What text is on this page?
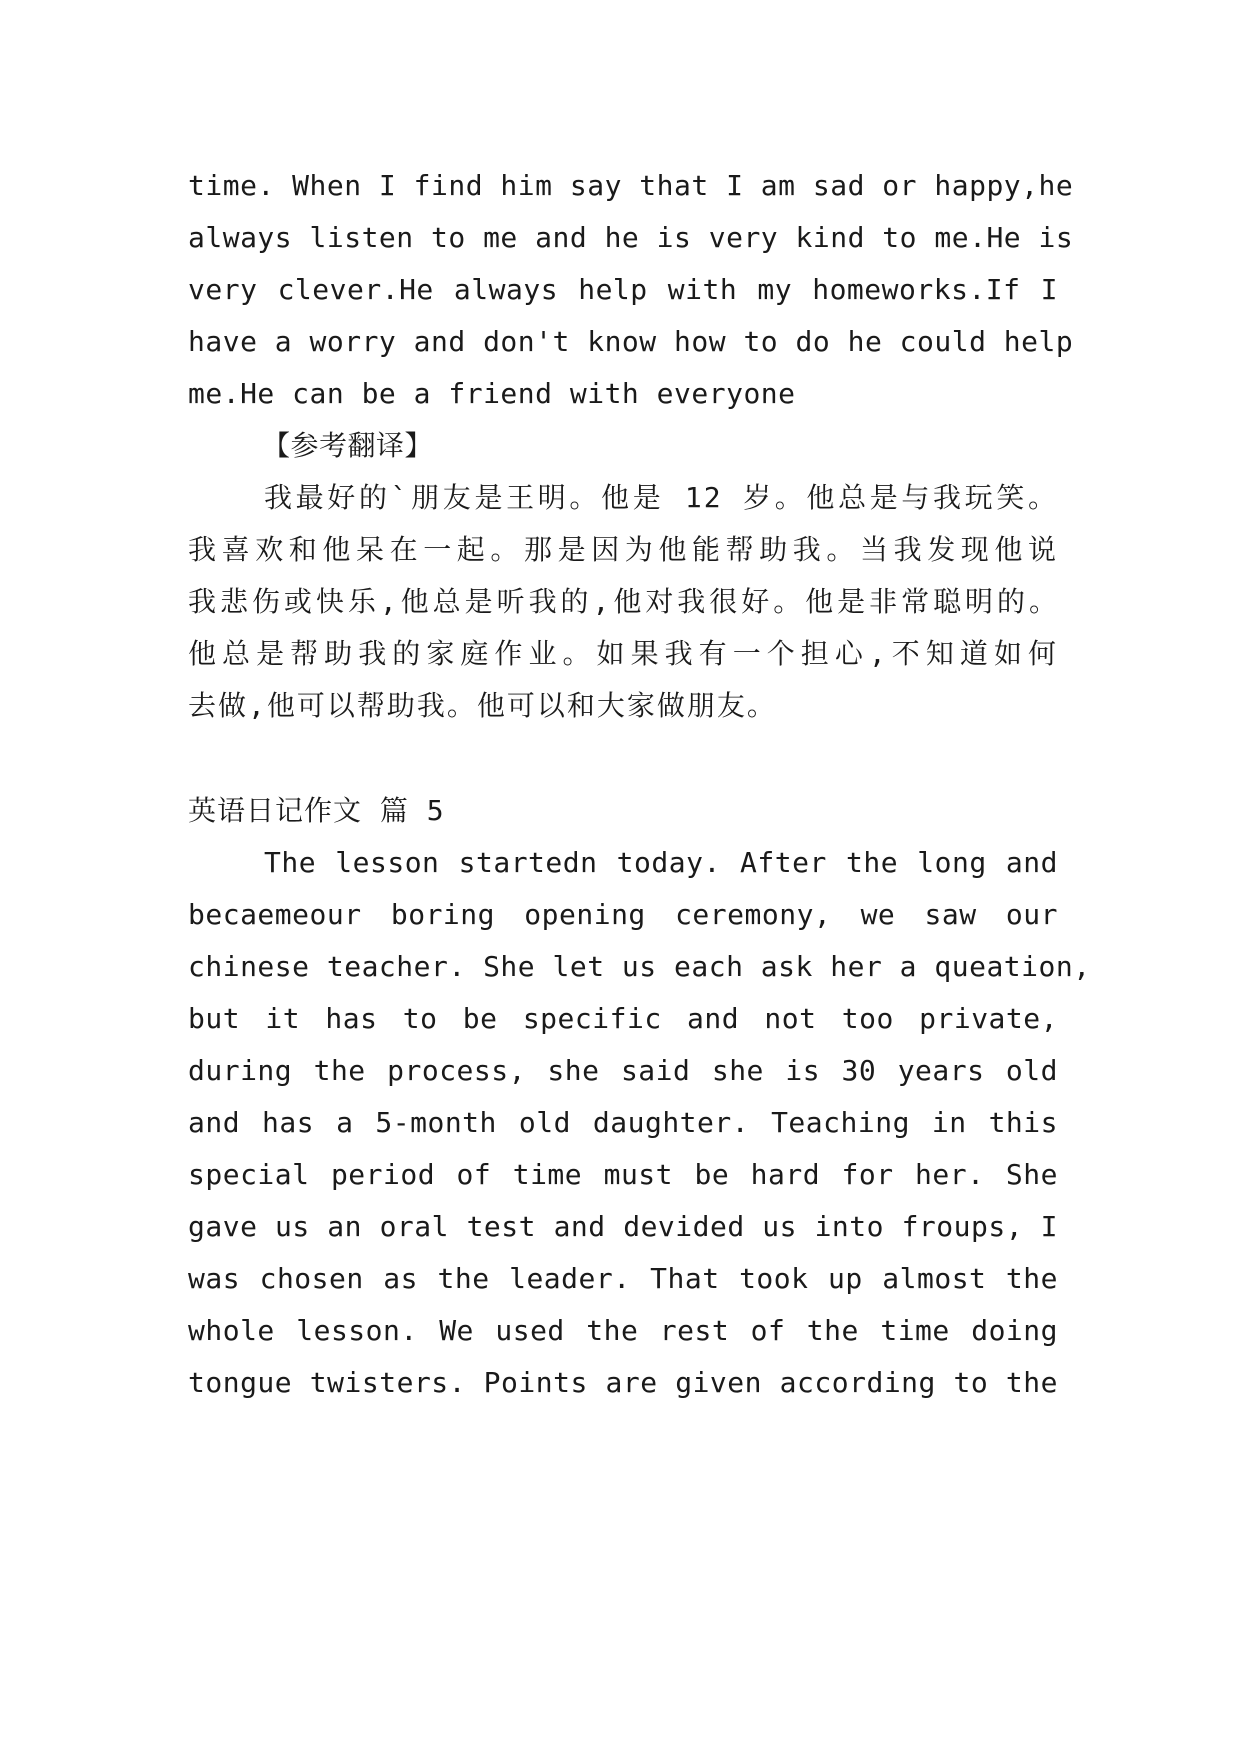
time. When I find him say that I am sad or happy,he
always listen to me and he is very kind to me.He is
very clever.He always help with my homeworks.If I
have a worry and don't know how to do he could help
me.He can be a friend with everyone
【参考翻译】
我最好的`朋友是王明。他是 12 岁。他总是与我玩笑。
我喜欢和他呆在一起。那是因为他能帮助我。当我发现他说
我悲伤或快乐,他总是听我的,他对我很好。他是非常聪明的。
他总是帮助我的家庭作业。如果我有一个担心,不知道如何
去做,他可以帮助我。他可以和大家做朋友。
英语日记作文 篇 5
The lesson startedn today. After the long and
becaemeour boring opening ceremony, we saw our
chinese teacher. She let us each ask her a queation,
but it has to be specific and not too private,
during the process, she said she is 30 years old
and has a 5-month old daughter. Teaching in this
special period of time must be hard for her. She
gave us an oral test and devided us into froups, I
was chosen as the leader. That took up almost the
whole lesson. We used the rest of the time doing
tongue twisters. Points are given according to the
